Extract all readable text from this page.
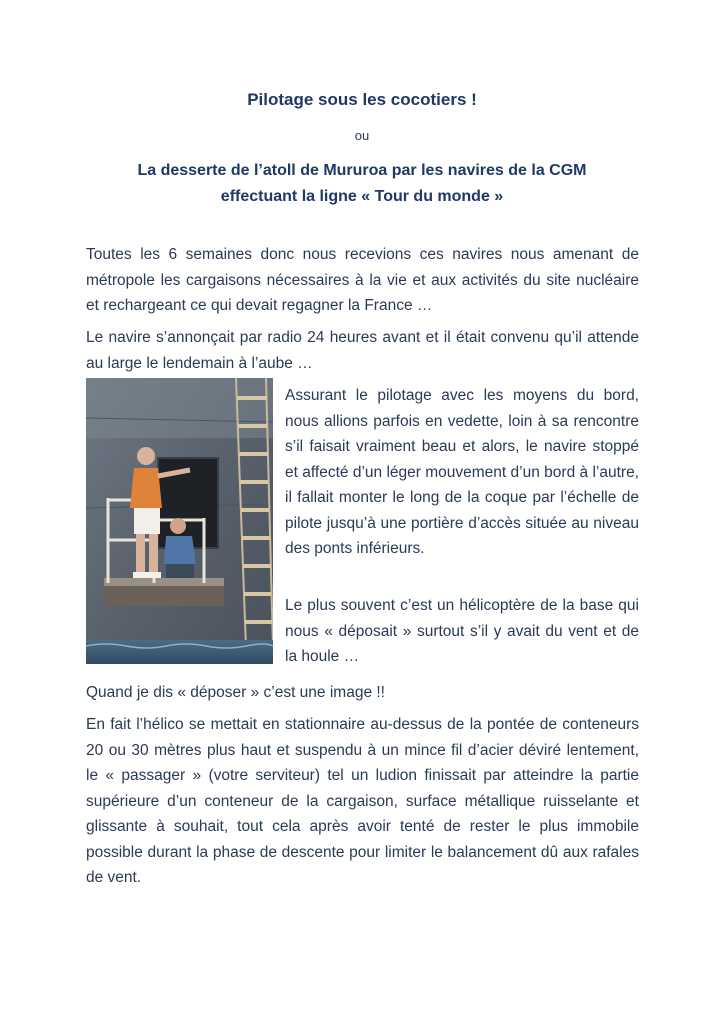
Pilotage sous les cocotiers !
ou
La desserte de l’atoll de Mururoa par les navires de la CGM
effectuant la ligne « Tour du monde »

Toutes les 6 semaines donc nous recevions ces navires nous amenant de métropole les cargaisons nécessaires à la vie et aux activités du site nucléaire et rechargeant ce qui devait regagner la France …

Le navire s’annonçait par radio 24 heures avant et il était convenu qu’il attende au large le lendemain à l’aube …

Assurant le pilotage avec les moyens du bord, nous allions parfois en vedette, loin à sa rencontre s’il faisait vraiment beau et alors, le navire stoppé et affecté d’un léger mouvement d’un bord à l’autre, il fallait monter le long de la coque par l’échelle de pilote jusqu’à une portière d’accès située au niveau des ponts inférieurs.

Le plus souvent c’est un hélicoptère de la base qui nous « déposait » surtout s’il y avait du vent et de la houle …

Quand je dis « déposer » c’est une image !!

En fait l’hélico se mettait en stationnaire au-dessus de la pontée de conteneurs 20 ou 30 mètres plus haut et suspendu à un mince fil d’acier déviré lentement, le « passager » (votre serviteur) tel un ludion finissait par atteindre la partie supérieure d’un conteneur de la cargaison, surface métallique ruisselante et glissante à souhait, tout cela après avoir tenté de rester le plus immobile possible durant la phase de descente pour limiter le balancement dû aux rafales de vent.
